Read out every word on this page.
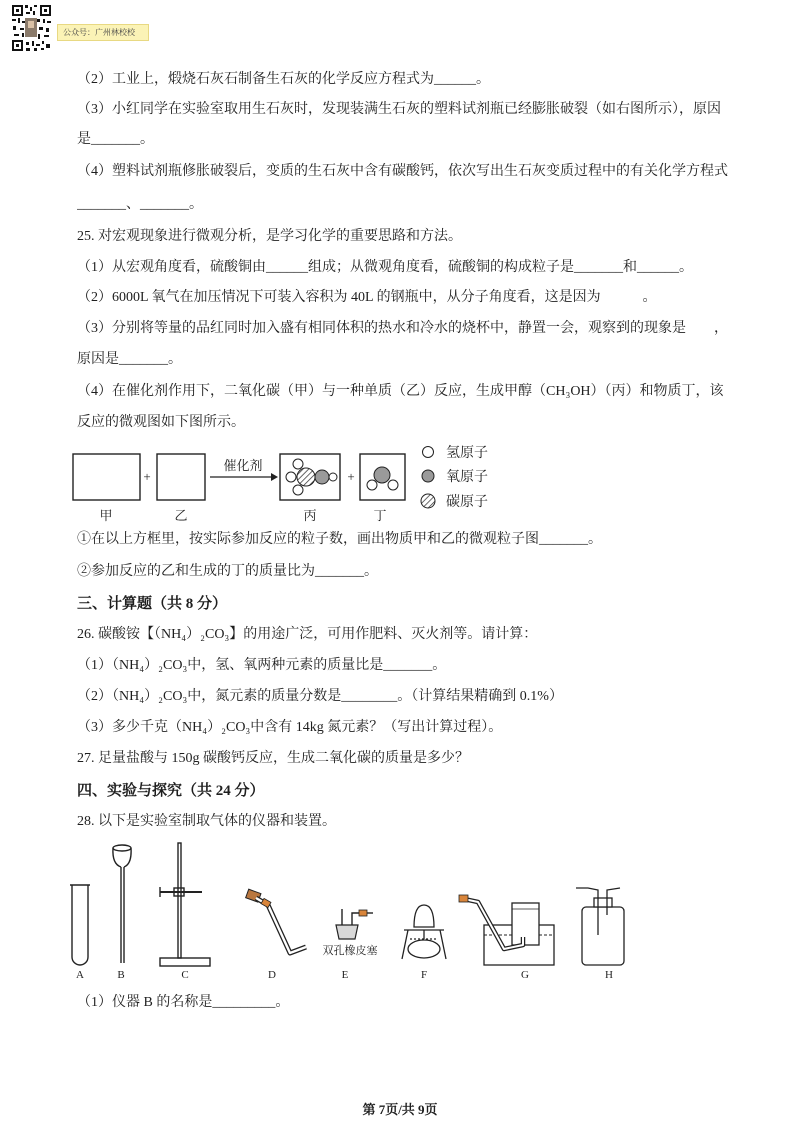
公众号：广州林校校
（2）工业上，煅烧石灰石制备生石灰的化学反应方程式为______。
（3）小红同学在实验室取用生石灰时，发现装满生石灰的塑料试剂瓶已经膨胀破裂（如右图所示），原因
是_______。
（4）塑料试剂瓶修胀破裂后，变质的生石灰中含有碳酸钙，依次写出生石灰变质过程中的有关化学方程式
_______、_______。
25. 对宏观现象进行微观分析，是学习化学的重要思路和方法。
（1）从宏观角度看，硫酸铜由______组成；从微观角度看，硫酸铜的构成粒子是_______和______。
（2）6000L 氧气在加压情况下可装入容积为 40L 的钢瓶中，从分子角度看，这是因为　　　。
（3）分别将等量的品红同时加入盛有相同体积的热水和冷水的烧杯中，静置一会，观察到的现象是　　，
原因是_______。
（4）在催化剂作用下，二氧化碳（甲）与一种单质（乙）反应，生成甲醇（CH₃OH）（丙）和物质丁，该
反应的微观图如下图所示。
+
催化剂
+
氢原子
氧原子
碳原子
甲	乙	丙	丁
①在以上方框里，按实际参加反应的粒子数，画出物质甲和乙的微观粒子图_______。
②参加反应的乙和生成的丁的质量比为_______。
三、计算题（共 8 分）
26. 碳酸铵【（NH₄）₂CO₃】的用途广泛，可用作肥料、灭火剂等。请计算：
（1）（NH₄）₂CO₃中，氢、氧两种元素的质量比是_______。
（2）（NH₄）₂CO₃中，氮元素的质量分数是________。（计算结果精确到 0.1%）
（3）多少千克（NH₄）₂CO₃中含有 14kg 氮元素？（写出计算过程）。
27. 足量盐酸与 150g 碳酸钙反应，生成二氧化碳的质量是多少？
四、实验与探究（共 24 分）
28. 以下是实验室制取气体的仪器和装置。
双孔橡皮塞
A	B	C	D	E	F	G	H
（1）仪器 B 的名称是_________。
第 7页/共 9页
